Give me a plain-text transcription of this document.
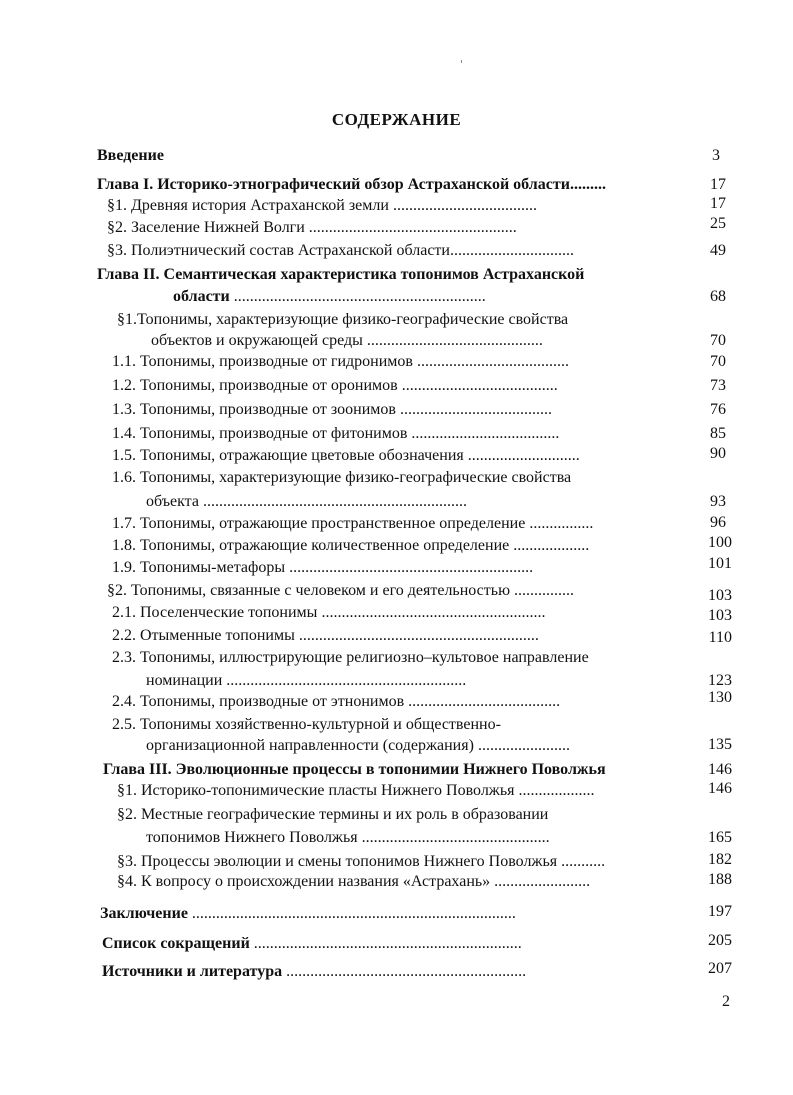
СОДЕРЖАНИЕ
Введение	3
Глава I. Историко-этнографический обзор Астраханской области.........	17
§1. Древняя история Астраханской земли ....................................	17
§2. Заселение Нижней Волги ....................................................	25
§3. Полиэтнический состав Астраханской области...............................	49
Глава II. Семантическая характеристика топонимов Астраханской
области ...............................................................	68
§1.Топонимы, характеризующие физико-географические свойства
объектов и окружающей среды ............................................	70
1.1. Топонимы, производные от гидронимов ......................................	70
1.2. Топонимы, производные от оронимов .......................................	73
1.3. Топонимы, производные от зоонимов ......................................	76
1.4. Топонимы, производные от фитонимов .....................................	85
1.5. Топонимы, отражающие цветовые обозначения ............................	90
1.6. Топонимы, характеризующие физико-географические свойства
объекта ..................................................................	93
1.7. Топонимы, отражающие пространственное определение ................	96
1.8. Топонимы, отражающие количественное определение ...................	100
1.9. Топонимы-метафоры .............................................................	101
§2. Топонимы, связанные с человеком и его деятельностью ...............	103
2.1. Поселенческие топонимы ........................................................	103
2.2. Отыменные топонимы ............................................................	110
2.3. Топонимы, иллюстрирующие религиозно–культовое направление
номинации ............................................................	123
2.4. Топонимы, производные от этнонимов ......................................	130
2.5. Топонимы хозяйственно-культурной и общественно-
организационной направленности (содержания) .......................	135
Глава III. Эволюционные процессы в топонимии Нижнего Поволжья	146
§1. Историко-топонимические пласты Нижнего Поволжья ...................	146
§2. Местные географические термины и их роль в образовании
топонимов Нижнего Поволжья ...............................................	165
§3. Процессы эволюции и смены топонимов Нижнего Поволжья ...........	182
§4. К вопросу о происхождении названия «Астрахань» ........................	188
Заключение .................................................................................	197
Список сокращений ...................................................................	205
Источники и литература ............................................................	207
2
